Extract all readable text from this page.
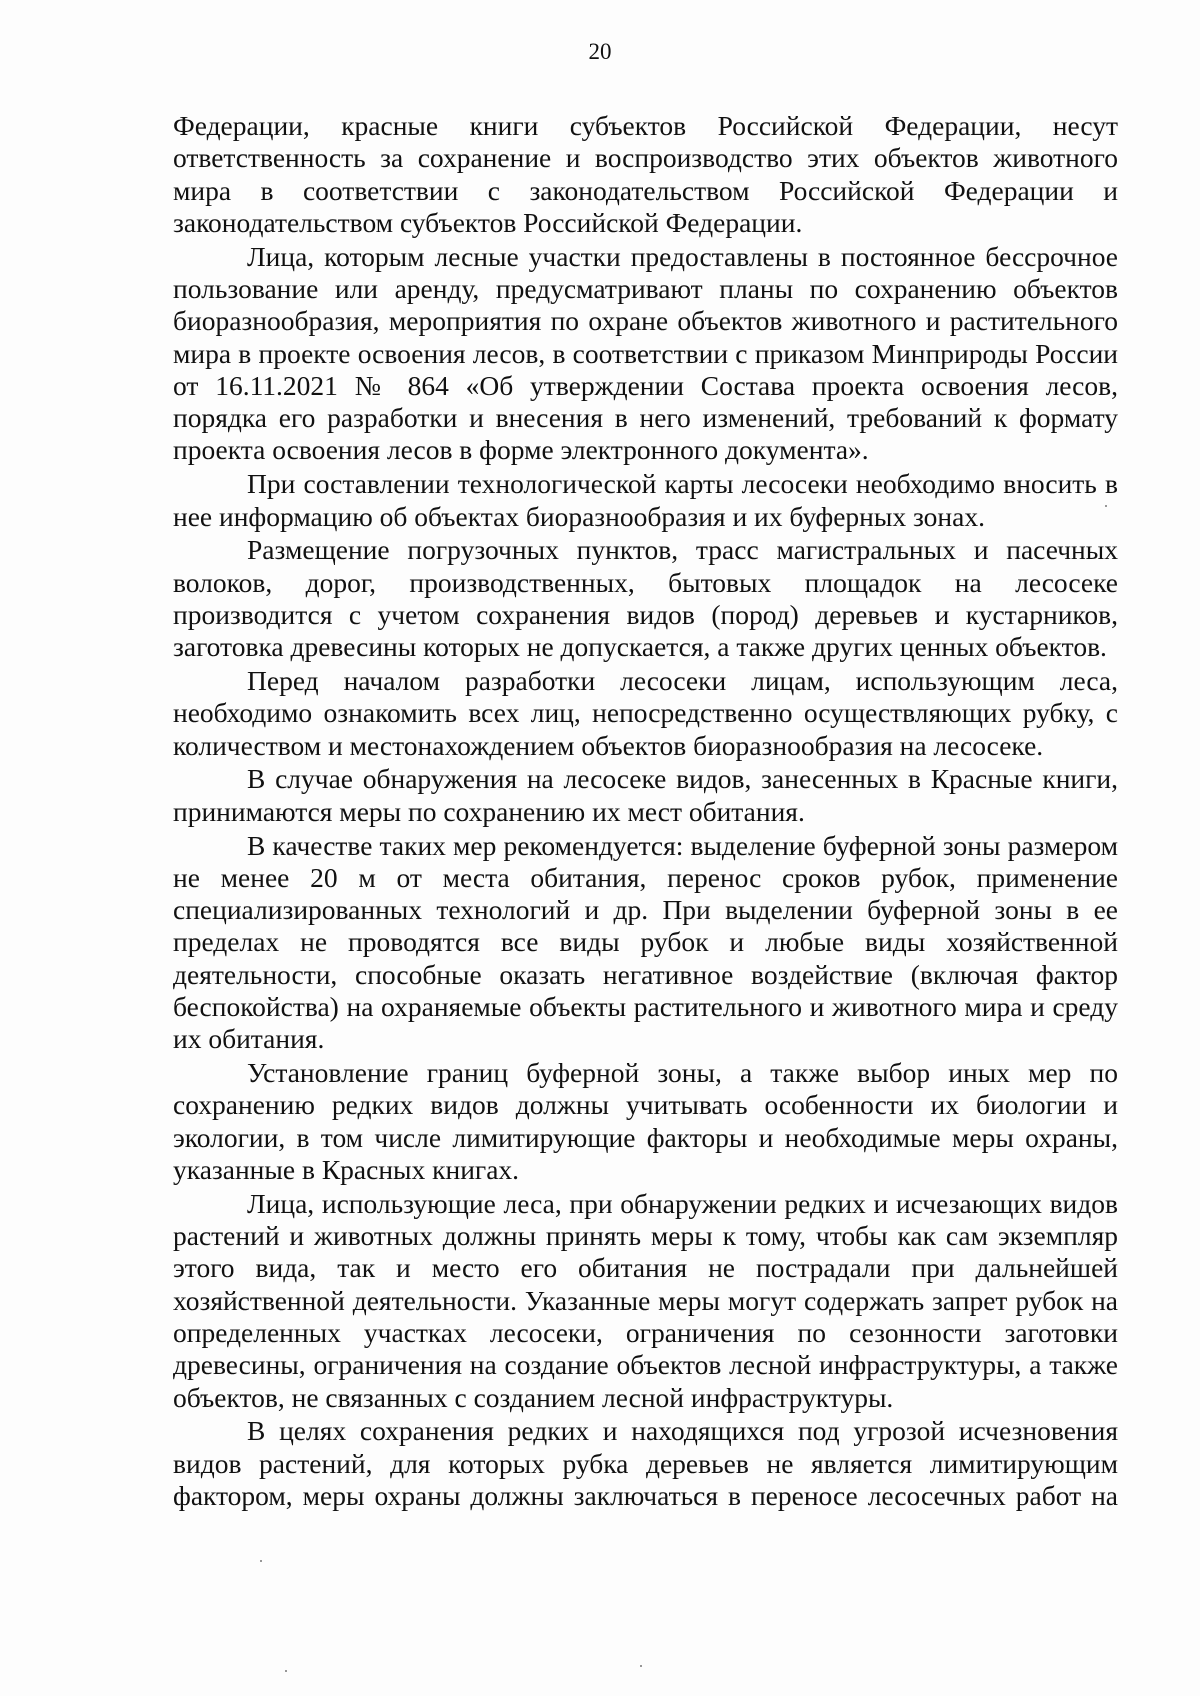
20

Федерации, красные книги субъектов Российской Федерации, несут ответственность за сохранение и воспроизводство этих объектов животного мира в соответствии с законодательством Российской Федерации и законодательством субъектов Российской Федерации.

Лица, которым лесные участки предоставлены в постоянное бессрочное пользование или аренду, предусматривают планы по сохранению объектов биоразнообразия, мероприятия по охране объектов животного и растительного мира в проекте освоения лесов, в соответствии с приказом Минприроды России от 16.11.2021 № 864 «Об утверждении Состава проекта освоения лесов, порядка его разработки и внесения в него изменений, требований к формату проекта освоения лесов в форме электронного документа».

При составлении технологической карты лесосеки необходимо вносить в нее информацию об объектах биоразнообразия и их буферных зонах.

Размещение погрузочных пунктов, трасс магистральных и пасечных волоков, дорог, производственных, бытовых площадок на лесосеке производится с учетом сохранения видов (пород) деревьев и кустарников, заготовка древесины которых не допускается, а также других ценных объектов.

Перед началом разработки лесосеки лицам, использующим леса, необходимо ознакомить всех лиц, непосредственно осуществляющих рубку, с количеством и местонахождением объектов биоразнообразия на лесосеке.

В случае обнаружения на лесосеке видов, занесенных в Красные книги, принимаются меры по сохранению их мест обитания.

В качестве таких мер рекомендуется: выделение буферной зоны размером не менее 20 м от места обитания, перенос сроков рубок, применение специализированных технологий и др. При выделении буферной зоны в ее пределах не проводятся все виды рубок и любые виды хозяйственной деятельности, способные оказать негативное воздействие (включая фактор беспокойства) на охраняемые объекты растительного и животного мира и среду их обитания.

Установление границ буферной зоны, а также выбор иных мер по сохранению редких видов должны учитывать особенности их биологии и экологии, в том числе лимитирующие факторы и необходимые меры охраны, указанные в Красных книгах.

Лица, использующие леса, при обнаружении редких и исчезающих видов растений и животных должны принять меры к тому, чтобы как сам экземпляр этого вида, так и место его обитания не пострадали при дальнейшей хозяйственной деятельности. Указанные меры могут содержать запрет рубок на определенных участках лесосеки, ограничения по сезонности заготовки древесины, ограничения на создание объектов лесной инфраструктуры, а также объектов, не связанных с созданием лесной инфраструктуры.

В целях сохранения редких и находящихся под угрозой исчезновения видов растений, для которых рубка деревьев не является лимитирующим фактором, меры охраны должны заключаться в переносе лесосечных работ на
